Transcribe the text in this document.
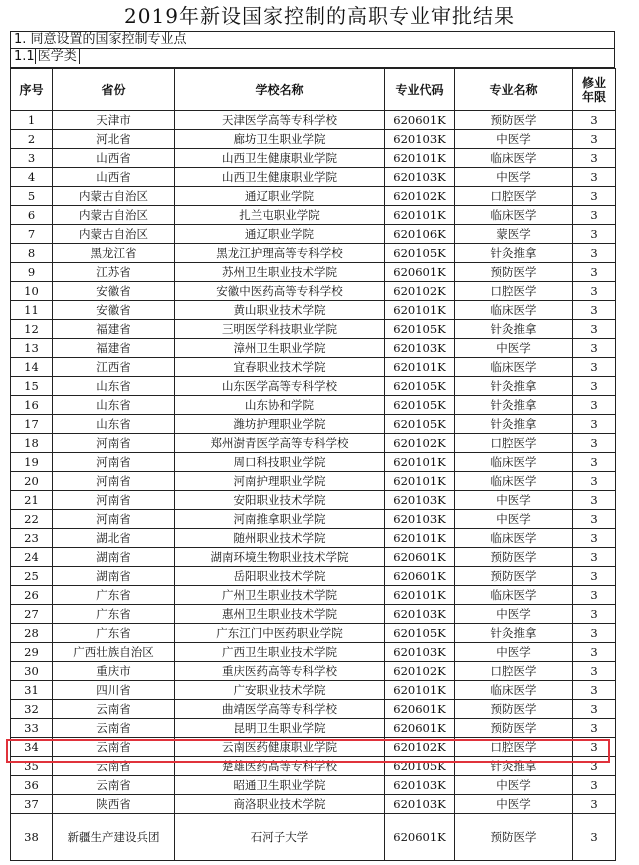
2019年新设国家控制的高职专业审批结果
1. 同意设置的国家控制专业点
1.1 医学类
序号	省份	学校名称	专业代码	专业名称	修业
年限
1	天津市	天津医学高等专科学校	620601K	预防医学	3
2	河北省	廊坊卫生职业学院	620103K	中医学	3
3	山西省	山西卫生健康职业学院	620101K	临床医学	3
4	山西省	山西卫生健康职业学院	620103K	中医学	3
5	内蒙古自治区	通辽职业学院	620102K	口腔医学	3
6	内蒙古自治区	扎兰屯职业学院	620101K	临床医学	3
7	内蒙古自治区	通辽职业学院	620106K	蒙医学	3
8	黑龙江省	黑龙江护理高等专科学校	620105K	针灸推拿	3
9	江苏省	苏州卫生职业技术学院	620601K	预防医学	3
10	安徽省	安徽中医药高等专科学校	620102K	口腔医学	3
11	安徽省	黄山职业技术学院	620101K	临床医学	3
12	福建省	三明医学科技职业学院	620105K	针灸推拿	3
13	福建省	漳州卫生职业学院	620103K	中医学	3
14	江西省	宜春职业技术学院	620101K	临床医学	3
15	山东省	山东医学高等专科学校	620105K	针灸推拿	3
16	山东省	山东协和学院	620105K	针灸推拿	3
17	山东省	潍坊护理职业学院	620105K	针灸推拿	3
18	河南省	郑州澍青医学高等专科学校	620102K	口腔医学	3
19	河南省	周口科技职业学院	620101K	临床医学	3
20	河南省	河南护理职业学院	620101K	临床医学	3
21	河南省	安阳职业技术学院	620103K	中医学	3
22	河南省	河南推拿职业学院	620103K	中医学	3
23	湖北省	随州职业技术学院	620101K	临床医学	3
24	湖南省	湖南环境生物职业技术学院	620601K	预防医学	3
25	湖南省	岳阳职业技术学院	620601K	预防医学	3
26	广东省	广州卫生职业技术学院	620101K	临床医学	3
27	广东省	惠州卫生职业技术学院	620103K	中医学	3
28	广东省	广东江门中医药职业学院	620105K	针灸推拿	3
29	广西壮族自治区	广西卫生职业技术学院	620103K	中医学	3
30	重庆市	重庆医药高等专科学校	620102K	口腔医学	3
31	四川省	广安职业技术学院	620101K	临床医学	3
32	云南省	曲靖医学高等专科学校	620601K	预防医学	3
33	云南省	昆明卫生职业学院	620601K	预防医学	3
34	云南省	云南医药健康职业学院	620102K	口腔医学	3
35	云南省	楚雄医药高等专科学校	620105K	针灸推拿	3
36	云南省	昭通卫生职业学院	620103K	中医学	3
37	陕西省	商洛职业技术学院	620103K	中医学	3
38	新疆生产建设兵团	石河子大学	620601K	预防医学	3
